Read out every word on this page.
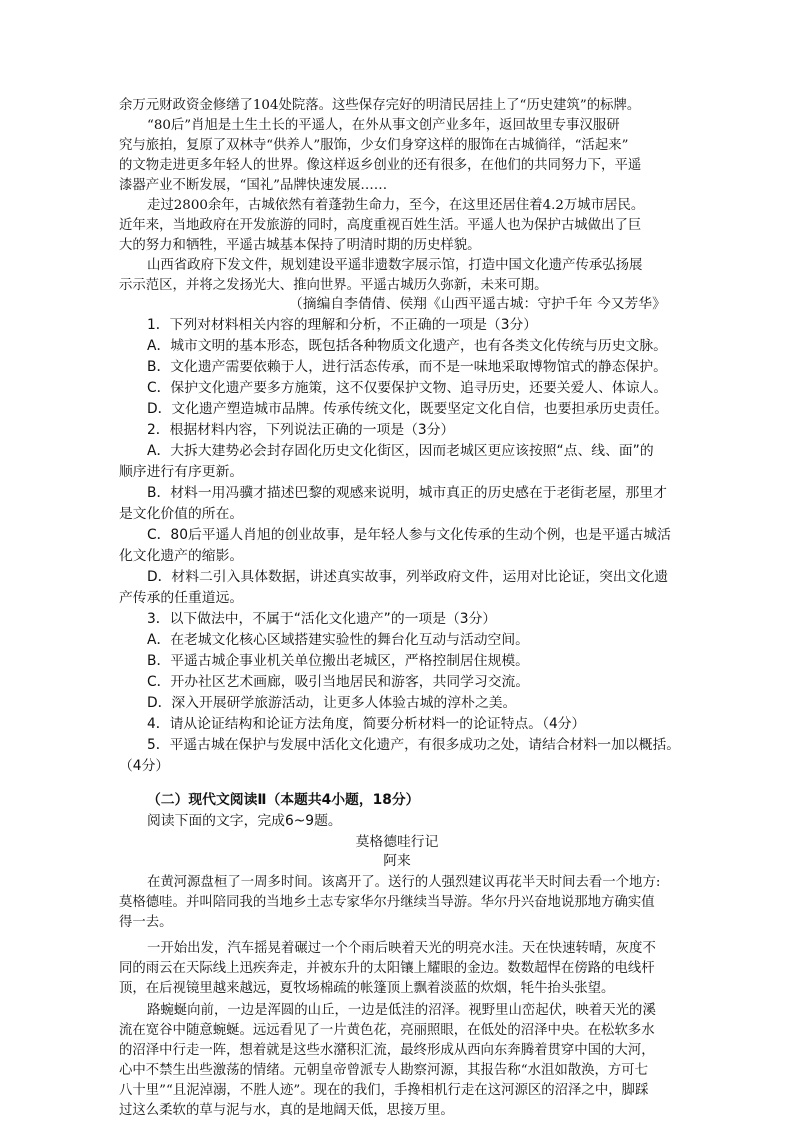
余万元财政资金修缮了104处院落。这些保存完好的明清民居挂上了“历史建筑”的标牌。
“80后”肖旭是土生土长的平遥人，在外从事文创产业多年，返回故里专事汉服研
究与旅拍，复原了双林寺“供养人”服饰，少女们身穿这样的服饰在古城徜徉，“活起来”
的文物走进更多年轻人的世界。像这样返乡创业的还有很多，在他们的共同努力下，平遥
漆器产业不断发展，“国礼”品牌快速发展……
走过2800余年，古城依然有着蓬勃生命力，至今，在这里还居住着4.2万城市居民。
近年来，当地政府在开发旅游的同时，高度重视百姓生活。平遥人也为保护古城做出了巨
大的努力和牺牲，平遥古城基本保持了明清时期的历史样貌。
山西省政府下发文件，规划建设平遥非遗数字展示馆，打造中国文化遗产传承弘扬展
示示范区，并将之发扬光大、推向世界。平遥古城历久弥新，未来可期。
（摘编自李倩倩、侯翔《山西平遥古城：守护千年 今又芳华》
1．下列对材料相关内容的理解和分析，不正确的一项是（3分）
A．城市文明的基本形态，既包括各种物质文化遗产，也有各类文化传统与历史文脉。
B．文化遗产需要依赖于人，进行活态传承，而不是一味地采取博物馆式的静态保护。
C．保护文化遗产要多方施策，这不仅要保护文物、追寻历史，还要关爱人、体谅人。
D．文化遗产塑造城市品牌。传承传统文化，既要坚定文化自信，也要担承历史责任。
2．根据材料内容，下列说法正确的一项是（3分）
A．大拆大建势必会封存固化历史文化街区，因而老城区更应该按照“点、线、面”的
顺序进行有序更新。
B．材料一用冯骥才描述巴黎的观感来说明，城市真正的历史感在于老街老屋，那里才
是文化价值的所在。
C．80后平遥人肖旭的创业故事，是年轻人参与文化传承的生动个例，也是平遥古城活
化文化遗产的缩影。
D．材料二引入具体数据，讲述真实故事，列举政府文件，运用对比论证，突出文化遗
产传承的任重道远。
3．以下做法中，不属于“活化文化遗产”的一项是（3分）
A．在老城文化核心区域搭建实验性的舞台化互动与活动空间。
B．平遥古城企事业机关单位搬出老城区，严格控制居住规模。
C．开办社区艺术画廊，吸引当地居民和游客，共同学习交流。
D．深入开展研学旅游活动，让更多人体验古城的淳朴之美。
4．请从论证结构和论证方法角度，简要分析材料一的论证特点。（4分）
5．平遥古城在保护与发展中活化文化遗产，有很多成功之处，请结合材料一加以概括。
（4分）
（二）现代文阅读Ⅱ（本题共4小题，18分）
阅读下面的文字，完成6~9题。
莫格德哇行记
阿来
在黄河源盘桓了一周多时间。该离开了。送行的人强烈建议再花半天时间去看一个地方:
莫格德哇。并叫陪同我的当地乡土志专家华尔丹继续当导游。华尔丹兴奋地说那地方确实值
得一去。
一开始出发，汽车摇晃着碾过一个个雨后映着天光的明亮水洼。天在快速转晴，灰度不
同的雨云在天际线上迅疾奔走，并被东升的太阳镶上耀眼的金边。数数超悍在傍路的电线杆
顶，在后视镜里越来越远，夏牧场棉疏的帐篷顶上飘着淡蓝的炊烟，牦牛抬头张望。
路蜿蜒向前，一边是浑圆的山丘，一边是低洼的沼泽。视野里山峦起伏，映着天光的溪
流在宽谷中随意蜿蜒。远远看见了一片黄色花，亮丽照眼，在低处的沼泽中央。在松软多水
的沼泽中行走一阵，想着就是这些水潴积汇流，最终形成从西向东奔腾着贯穿中国的大河，
心中不禁生出些激荡的情绪。元朝皇帝曾派专人勘察河源，其报告称“水沮如散涣，方可七
八十里”“且泥淖溺，不胜人迹”。现在的我们，手搀相机行走在这河源区的沼泽之中，脚踩
过这么柔软的草与泥与水，真的是地阔天低，思接万里。
